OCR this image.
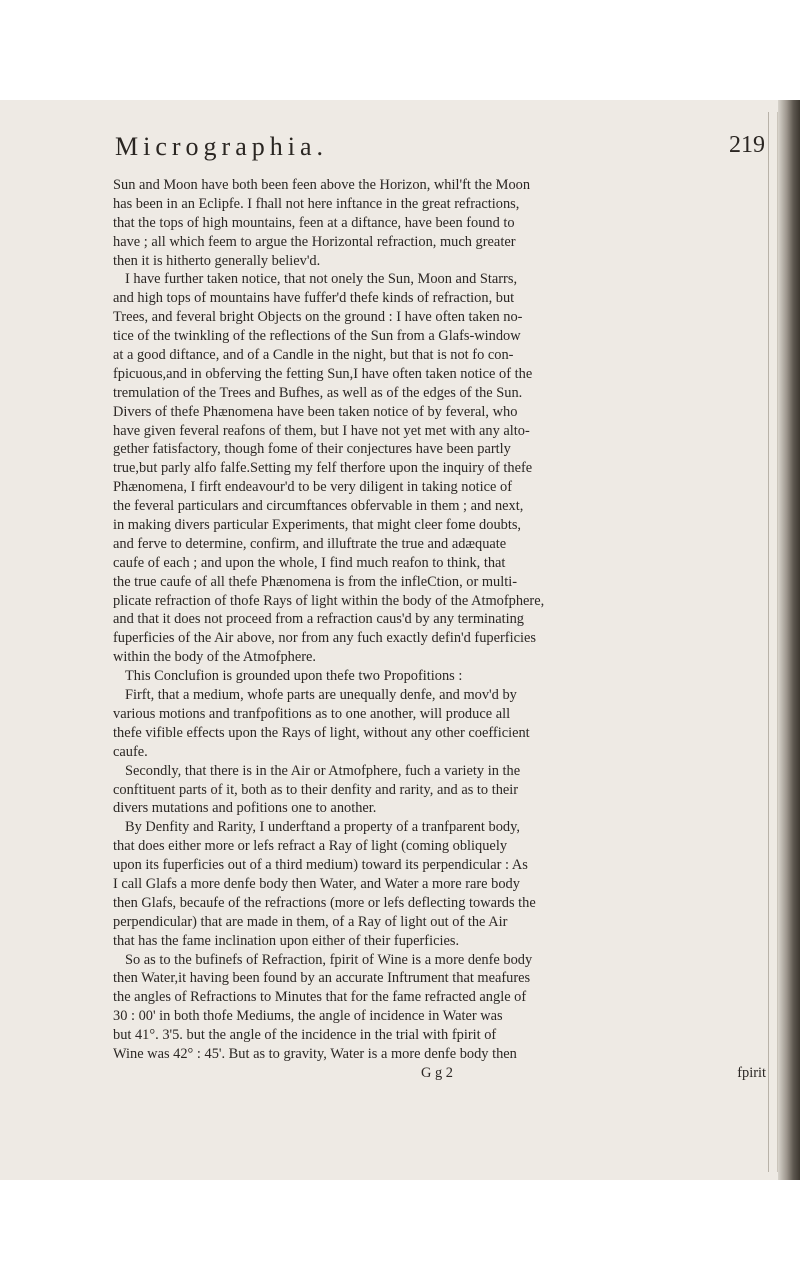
Micrographia.	219
Sun and Moon have both been feen above the Horizon, whil'ft the Moon
has been in an Eclipfe. I fhall not here inftance in the great refractions,
that the tops of high mountains, feen at a diftance, have been found to
have ; all which feem to argue the Horizontal refraction, much greater
then it is hitherto generally believ'd.
I have further taken notice, that not onely the Sun, Moon and Starrs,
and high tops of mountains have fuffer'd thefe kinds of refraction, but
Trees, and feveral bright Objects on the ground : I have often taken no-
tice of the twinkling of the reflections of the Sun from a Glafs-window
at a good diftance, and of a Candle in the night, but that is not fo con-
fpicuous,and in obferving the fetting Sun,I have often taken notice of the
tremulation of the Trees and Bufhes, as well as of the edges of the Sun.
Divers of thefe Phænomena have been taken notice of by feveral, who
have given feveral reafons of them, but I have not yet met with any alto-
gether fatisfactory, though fome of their conjectures have been partly
true,but parly alfo falfe.Setting my felf therfore upon the inquiry of thefe
Phænomena, I firft endeavour'd to be very diligent in taking notice of
the feveral particulars and circumftances obfervable in them ; and next,
in making divers particular Experiments, that might cleer fome doubts,
and ferve to determine, confirm, and illuftrate the true and adæquate
caufe of each ; and upon the whole, I find much reafon to think, that
the true caufe of all thefe Phænomena is from the infleCtion, or multi-
plicate refraction of thofe Rays of light within the body of the Atmofphere,
and that it does not proceed from a refraction caus'd by any terminating
fuperficies of the Air above, nor from any fuch exactly defin'd fuperficies
within the body of the Atmofphere.
This Conclufion is grounded upon thefe two Propofitions :
Firft, that a medium, whofe parts are unequally denfe, and mov'd by
various motions and tranfpofitions as to one another, will produce all
thefe vifible effects upon the Rays of light, without any other coefficient
caufe.
Secondly, that there is in the Air or Atmofphere, fuch a variety in the
conftituent parts of it, both as to their denfity and rarity, and as to their
divers mutations and pofitions one to another.
By Denfity and Rarity, I underftand a property of a tranfparent body,
that does either more or lefs refract a Ray of light (coming obliquely
upon its fuperficies out of a third medium) toward its perpendicular : As
I call Glafs a more denfe body then Water, and Water a more rare body
then Glafs, becaufe of the refractions (more or lefs deflecting towards the
perpendicular) that are made in them, of a Ray of light out of the Air
that has the fame inclination upon either of their fuperficies.
So as to the bufinefs of Refraction, fpirit of Wine is a more denfe body
then Water,it having been found by an accurate Inftrument that meafures
the angles of Refractions to Minutes that for the fame refracted angle of
30 : 00' in both thofe Mediums, the angle of incidence in Water was
but 41°. 3'5. but the angle of the incidence in the trial with fpirit of
Wine was 42° : 45'. But as to gravity, Water is a more denfe body then
G g 2	fpirit
